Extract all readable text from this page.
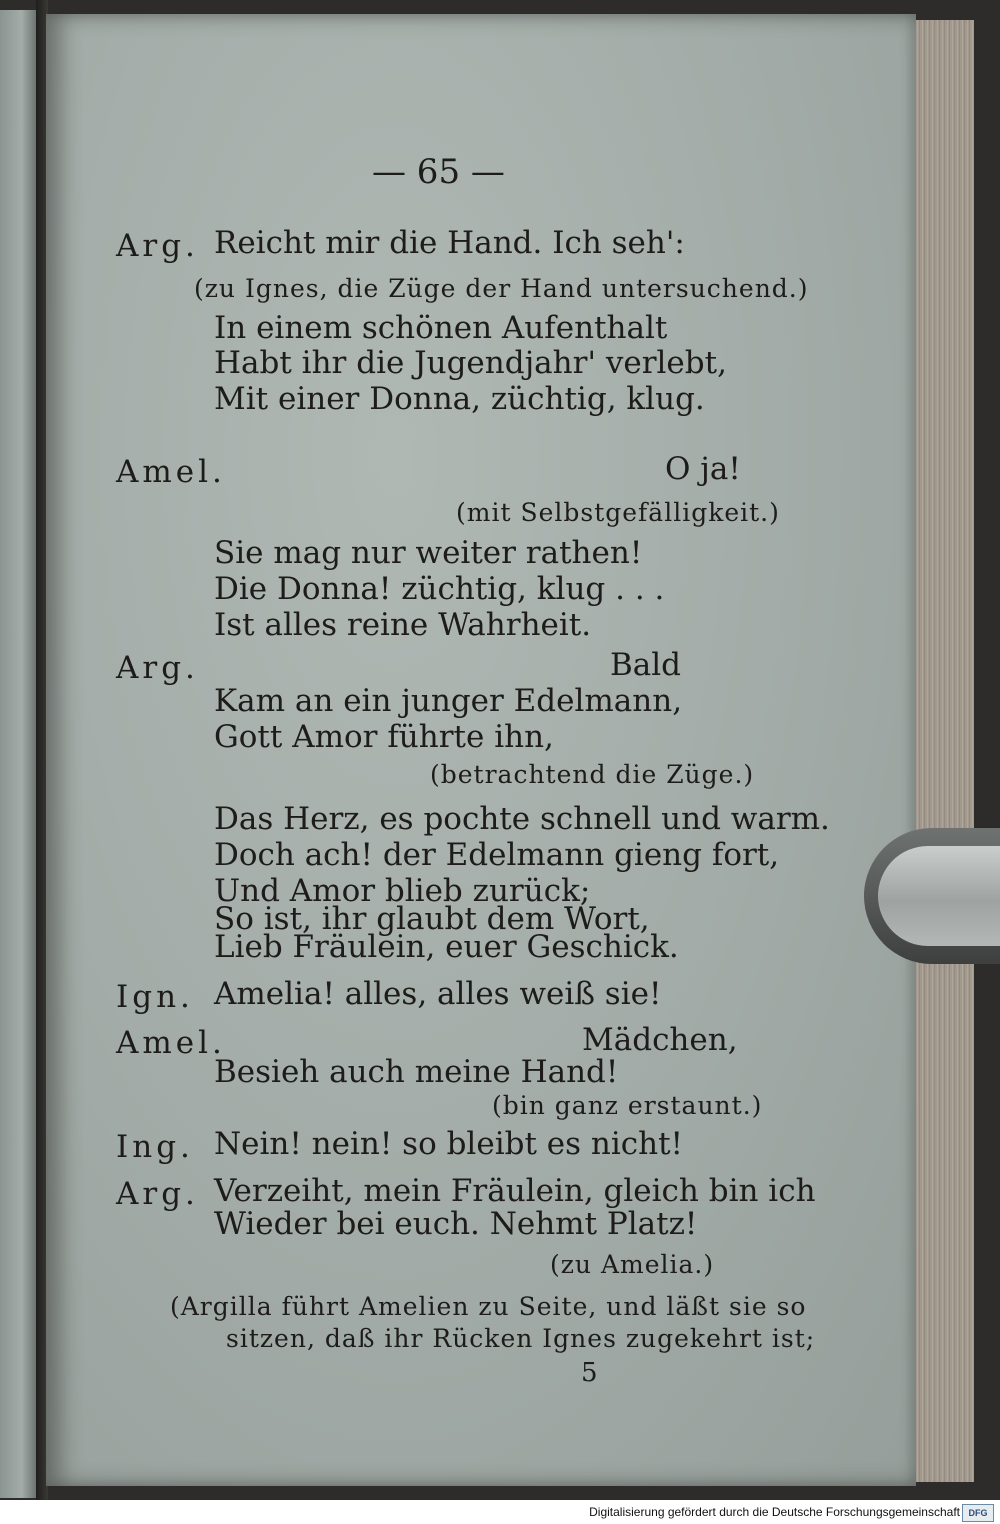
— 65 —
Arg. Reicht mir die Hand. Ich seh':
(zu Ignes, die Züge der Hand untersuchend.)
In einem schönen Aufenthalt
Habt ihr die Jugendjahr' verlebt,
Mit einer Donna, züchtig, klug.
Amel.	O ja!
(mit Selbstgefälligkeit.)
Sie mag nur weiter rathen!
Die Donna! züchtig, klug . . .
Ist alles reine Wahrheit.
Arg.	Bald
Kam an ein junger Edelmann,
Gott Amor führte ihn,
(betrachtend die Züge.)
Das Herz, es pochte schnell und warm.
Doch ach! der Edelmann gieng fort,
Und Amor blieb zurück;
So ist, ihr glaubt dem Wort,
Lieb Fräulein, euer Geschick.
Ign. Amelia! alles, alles weiß sie!
Amel.	Mädchen,
Besieh auch meine Hand!
(bin ganz erstaunt.)
Ing. Nein! nein! so bleibt es nicht!
Arg. Verzeiht, mein Fräulein, gleich bin ich
Wieder bei euch. Nehmt Platz!
(zu Amelia.)
(Argilla führt Amelien zu Seite, und läßt sie so
sitzen, daß ihr Rücken Ignes zugekehrt ist;
5
Digitalisierung gefördert durch die Deutsche Forschungsgemeinschaft DFG
